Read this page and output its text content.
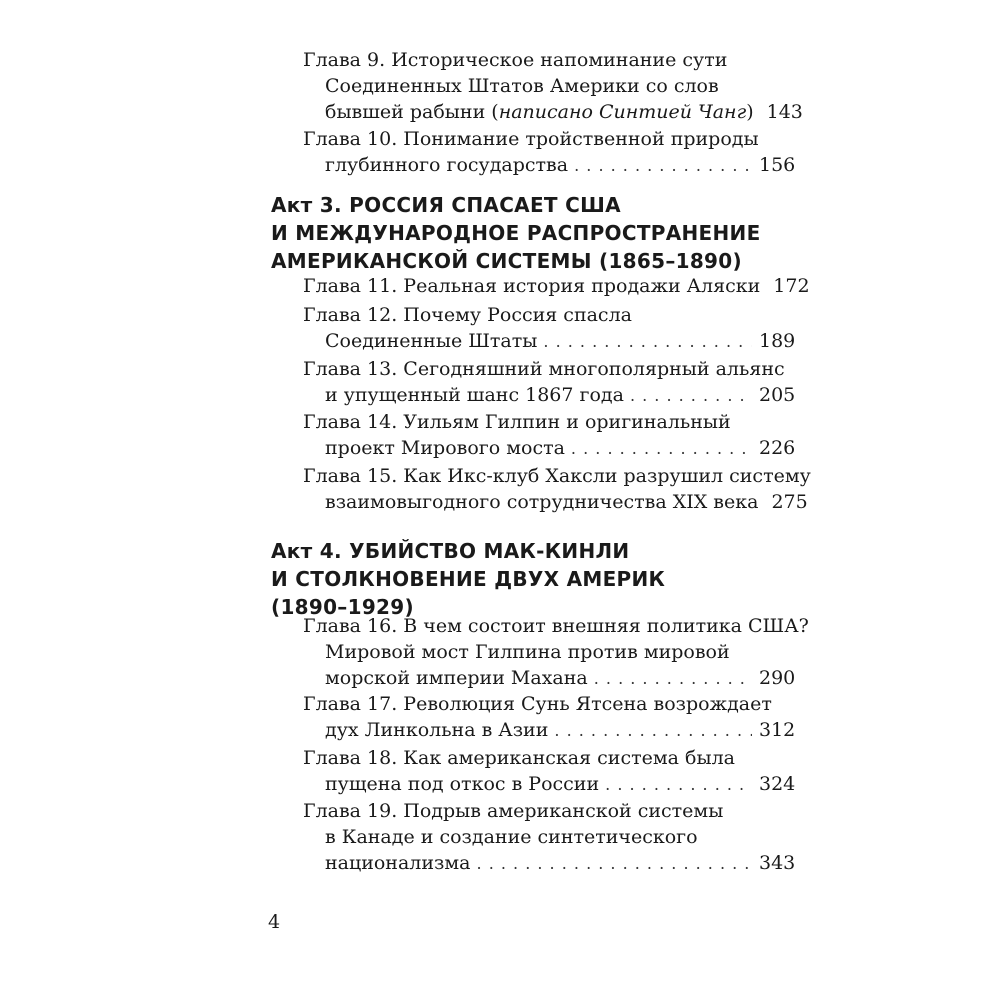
Глава 9. Историческое напоминание сути
Соединенных Штатов Америки со слов
бывшей рабыни (написано Синтией Чанг) 143
Глава 10. Понимание тройственной природы
глубинного государства . . .	156
Акт 3. РОССИЯ СПАСАЕТ США
И МЕЖДУНАРОДНОЕ РАСПРОСТРАНЕНИЕ
АМЕРИКАНСКОЙ СИСТЕМЫ (1865–1890)
Глава 11. Реальная история продажи Аляски 172
Глава 12. Почему Россия спасла
Соединенные Штаты . . .	189
Глава 13. Сегодняшний многополярный альянс
и упущенный шанс 1867 года . . .	205
Глава 14. Уильям Гилпин и оригинальный
проект Мирового моста . . .	226
Глава 15. Как Икс-клуб Хаксли разрушил систему
взаимовыгодного сотрудничества XIX века 275
Акт 4. УБИЙСТВО МАК-КИНЛИ
И СТОЛКНОВЕНИЕ ДВУХ АМЕРИК
(1890–1929)
Глава 16. В чем состоит внешняя политика США?
Мировой мост Гилпина против мировой
морской империи Махана . . .	290
Глава 17. Революция Сунь Ятсена возрождает
дух Линкольна в Азии . . .	312
Глава 18. Как американская система была
пущена под откос в России . . .	324
Глава 19. Подрыв американской системы
в Канаде и создание синтетического
национализма . . .	343
4
